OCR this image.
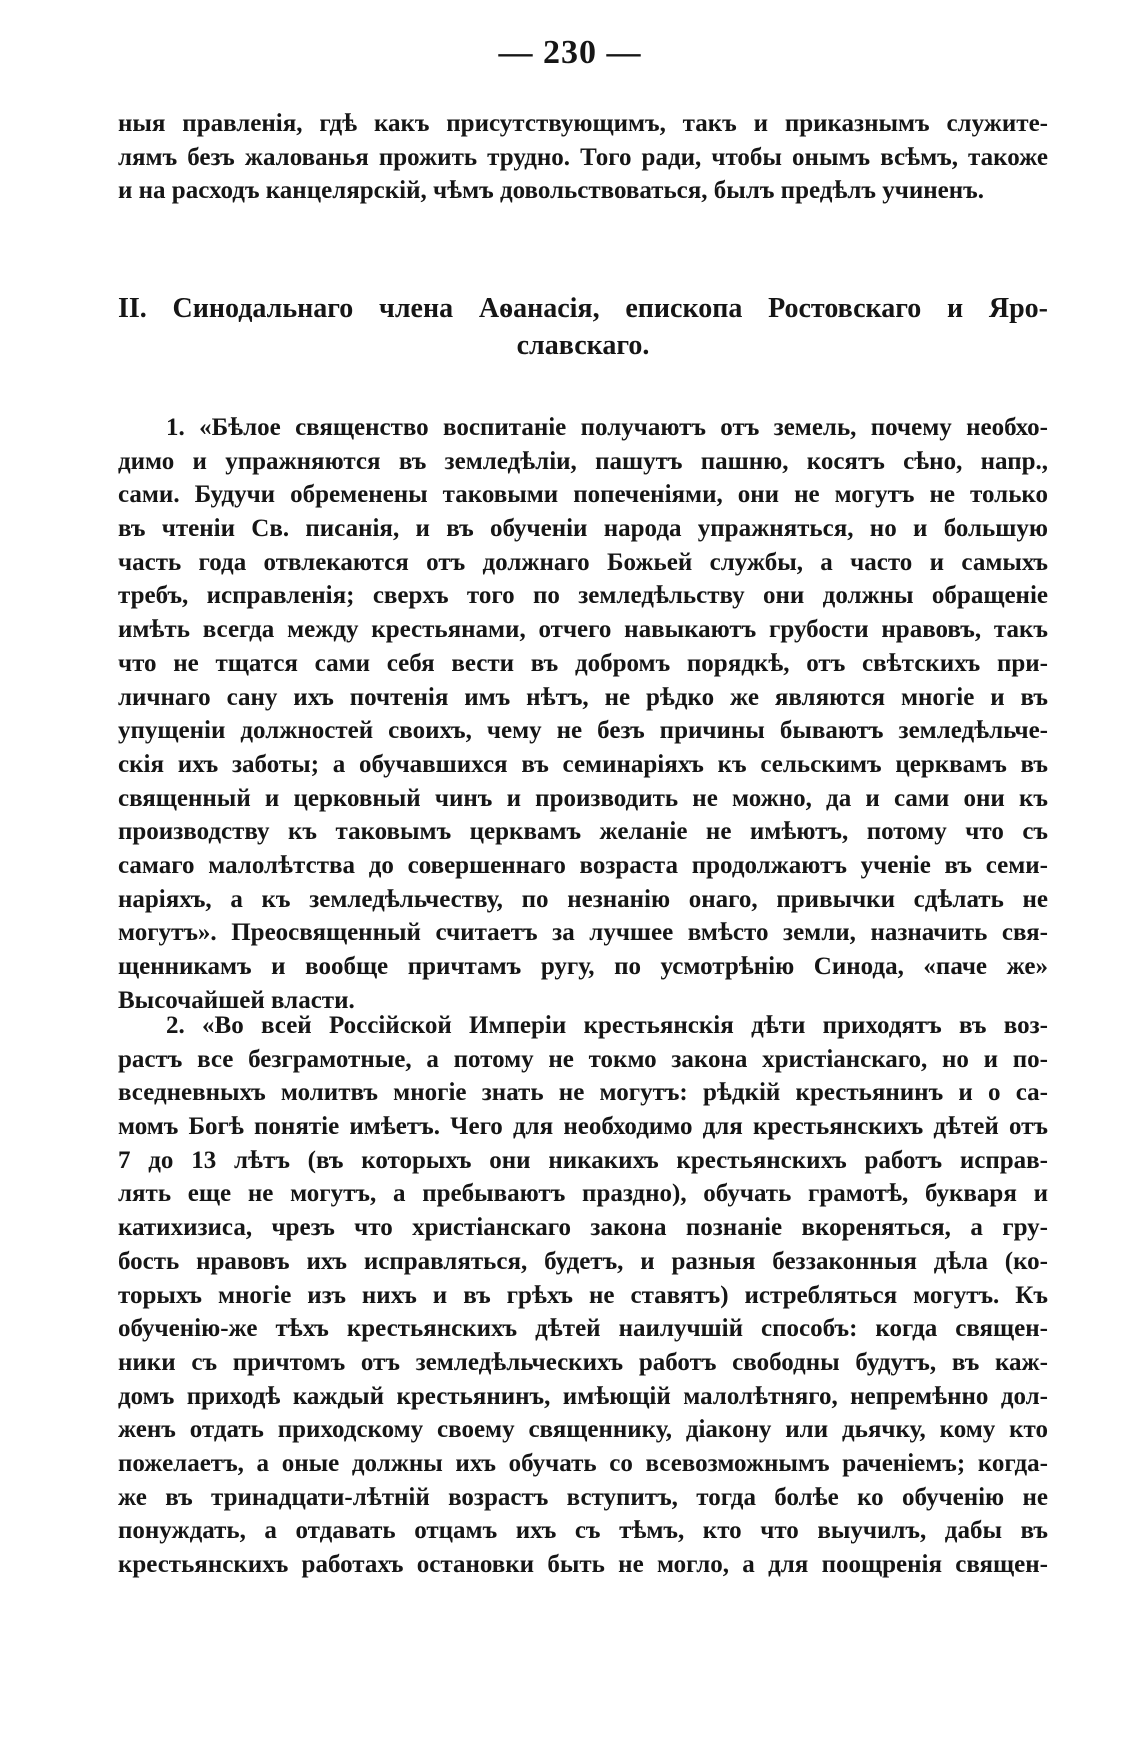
— 230 —
ныя правленія, гдѣ какъ присутствующимъ, такъ и приказнымъ служите-
лямъ безъ жалованья прожить трудно. Того ради, чтобы онымъ всѣмъ, такоже
и на расходъ канцелярскій, чѣмъ довольствоваться, былъ предѣлъ учиненъ.
II. Синодальнаго члена Аѳанасія, епископа Ростовскаго и Яро-
славскаго.
1. «Бѣлое священство воспитаніе получаютъ отъ земель, почему необхо-
димо и упражняются въ земледѣліи, пашутъ пашню, косятъ сѣно, напр.,
сами. Будучи обременены таковыми попеченіями, они не могутъ не только
въ чтеніи Св. писанія, и въ обученіи народа упражняться, но и большую
часть года отвлекаются отъ должнаго Божьей службы, а часто и самыхъ
требъ, исправленія; сверхъ того по земледѣльству они должны обращеніе
имѣть всегда между крестьянами, отчего навыкаютъ грубости нравовъ, такъ
что не тщатся сами себя вести въ добромъ порядкѣ, отъ свѣтскихъ при-
личнаго сану ихъ почтенія имъ нѣтъ, не рѣдко же являются многіе и въ
упущеніи должностей своихъ, чему не безъ причины бываютъ земледѣльче-
скія ихъ заботы; а обучавшихся въ семинаріяхъ къ сельскимъ церквамъ въ
священный и церковный чинъ и производить не можно, да и сами они къ
производству къ таковымъ церквамъ желаніе не имѣютъ, потому что съ
самаго малолѣтства до совершеннаго возраста продолжаютъ ученіе въ семи-
наріяхъ, а къ земледѣльчеству, по незнанію онаго, привычки сдѣлать не
могутъ». Преосвященный считаетъ за лучшее вмѣсто земли, назначить свя-
щенникамъ и вообще причтамъ ругу, по усмотрѣнію Синода, «паче же»
Высочайшей власти.
2. «Во всей Россійской Имперіи крестьянскія дѣти приходятъ въ воз-
растъ все безграмотные, а потому не токмо закона христіанскаго, но и по-
вседневныхъ молитвъ многіе знать не могутъ: рѣдкій крестьянинъ и о са-
момъ Богѣ понятіе имѣетъ. Чего для необходимо для крестьянскихъ дѣтей отъ
7 до 13 лѣтъ (въ которыхъ они никакихъ крестьянскихъ работъ исправ-
лять еще не могутъ, а пребываютъ праздно), обучать грамотѣ, букваря и
катихизиса, чрезъ что христіанскаго закона познаніе вкореняться, а гру-
бость нравовъ ихъ исправляться, будетъ, и разныя беззаконныя дѣла (ко-
торыхъ многіе изъ нихъ и въ грѣхъ не ставятъ) истребляться могутъ. Къ
обученію-же тѣхъ крестьянскихъ дѣтей наилучшій способъ: когда священ-
ники съ причтомъ отъ земледѣльческихъ работъ свободны будутъ, въ каж-
домъ приходѣ каждый крестьянинъ, имѣющій малолѣтняго, непремѣнно дол-
женъ отдать приходскому своему священнику, діакону или дьячку, кому кто
пожелаетъ, а оные должны ихъ обучать со всевозможнымъ раченіемъ; когда-
же въ тринадцати-лѣтній возрастъ вступитъ, тогда болѣе ко обученію не
понуждать, а отдавать отцамъ ихъ съ тѣмъ, кто что выучилъ, дабы въ
крестьянскихъ работахъ остановки быть не могло, а для поощренія священ-
